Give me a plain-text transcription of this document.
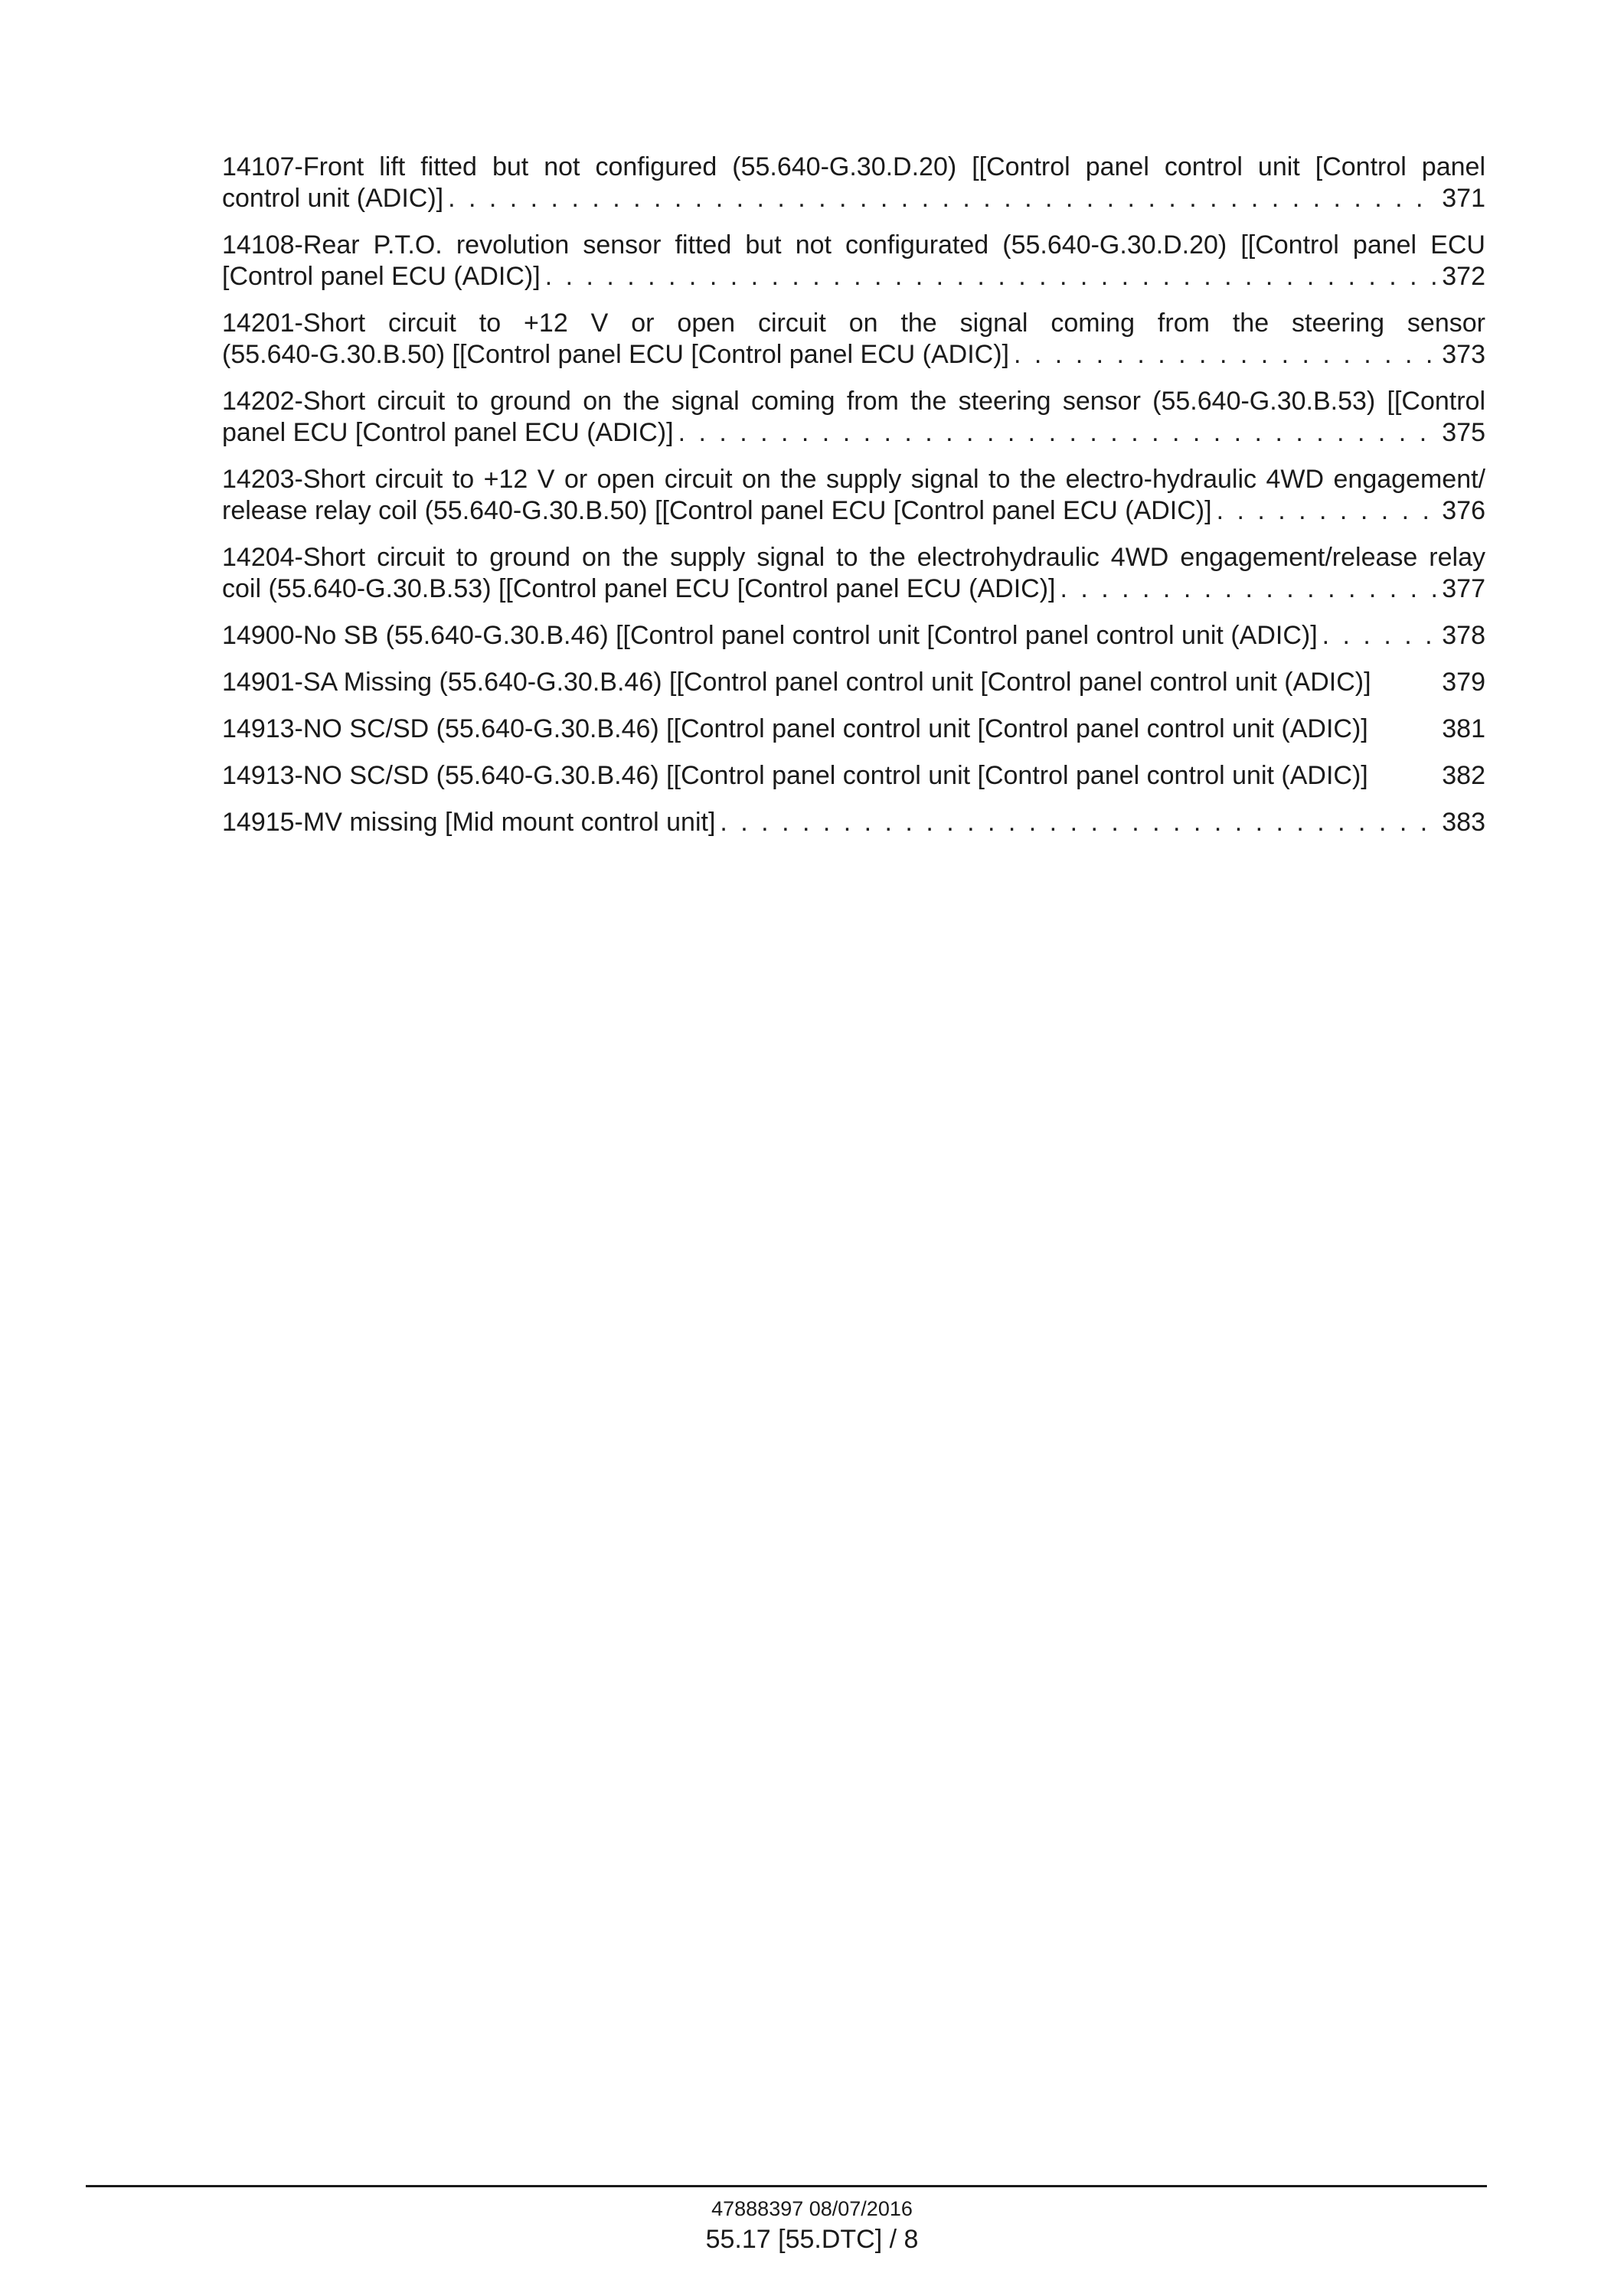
14107-Front lift fitted but not configured (55.640-G.30.D.20) [[Control panel control unit [Control panel

control unit (ADIC)] . . .	371

14108-Rear P.T.O. revolution sensor fitted but not configurated (55.640-G.30.D.20) [[Control panel ECU

[Control panel ECU (ADIC)] . . .	372

14201-Short circuit to +12 V or open circuit on the signal coming from the steering sensor

(55.640-G.30.B.50) [[Control panel ECU [Control panel ECU (ADIC)] . . .	373

14202-Short circuit to ground on the signal coming from the steering sensor (55.640-G.30.B.53) [[Control

panel ECU [Control panel ECU (ADIC)] . . .	375

14203-Short circuit to +12 V or open circuit on the supply signal to the electro-hydraulic 4WD engagement/

release relay coil (55.640-G.30.B.50) [[Control panel ECU [Control panel ECU (ADIC)] . . .	376

14204-Short circuit to ground on the supply signal to the electrohydraulic 4WD engagement/release relay

coil (55.640-G.30.B.53) [[Control panel ECU [Control panel ECU (ADIC)] . . .	377

14900-No SB (55.640-G.30.B.46) [[Control panel control unit [Control panel control unit (ADIC)] . . .	378

14901-SA Missing (55.640-G.30.B.46) [[Control panel control unit [Control panel control unit (ADIC)]	379

14913-NO SC/SD (55.640-G.30.B.46) [[Control panel control unit [Control panel control unit (ADIC)]	381

14913-NO SC/SD (55.640-G.30.B.46) [[Control panel control unit [Control panel control unit (ADIC)]	382

14915-MV missing [Mid mount control unit] . . .	383

47888397 08/07/2016
55.17 [55.DTC] / 8
